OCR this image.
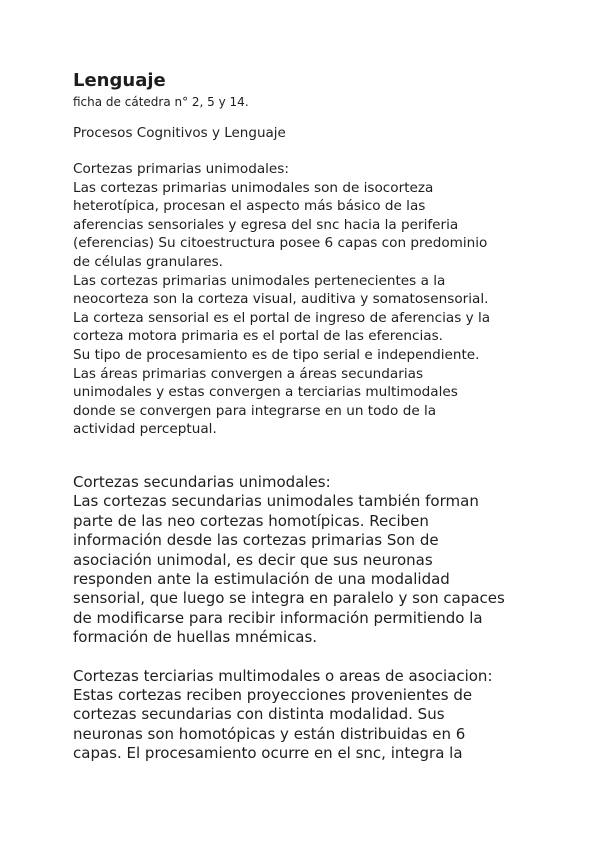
Lenguaje

ficha de cátedra n° 2, 5 y 14.

Procesos Cognitivos y Lenguaje

Cortezas primarias unimodales:

Las cortezas primarias unimodales son de isocorteza

heterotípica, procesan el aspecto más básico de las

aferencias sensoriales y egresa del snc hacia la periferia

(eferencias) Su citoestructura posee 6 capas con predominio

de células granulares.

Las cortezas primarias unimodales pertenecientes a la

neocorteza son la corteza visual, auditiva y somatosensorial.

La corteza sensorial es el portal de ingreso de aferencias y la

corteza motora primaria es el portal de las eferencias.

Su tipo de procesamiento es de tipo serial e independiente.

Las áreas primarias convergen a áreas secundarias

unimodales y estas convergen a terciarias multimodales

donde se convergen para integrarse en un todo de la

actividad perceptual.

Cortezas secundarias unimodales:

Las cortezas secundarias unimodales también forman

parte de las neo cortezas homotípicas. Reciben

información desde las cortezas primarias Son de

asociación unimodal, es decir que sus neuronas

responden ante la estimulación de una modalidad

sensorial, que luego se integra en paralelo y son capaces

de modificarse para recibir información permitiendo la

formación de huellas mnémicas.

Cortezas terciarias multimodales o areas de asociacion:

Estas cortezas reciben proyecciones provenientes de

cortezas secundarias con distinta modalidad. Sus

neuronas son homotópicas y están distribuidas en 6

capas. El procesamiento ocurre en el snc, integra la
